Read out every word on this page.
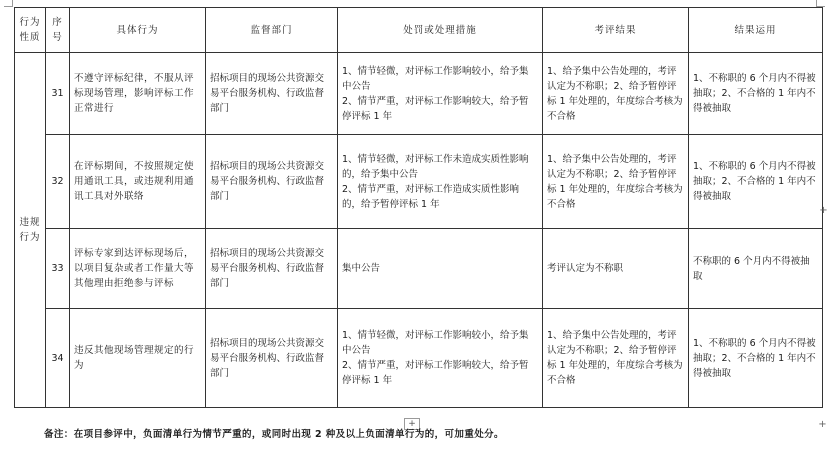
行为性质	序号	具体行为	监督部门	处罚或处理措施	考评结果	结果运用
违规行为	31	不遵守评标纪律，不服从评标现场管理，影响评标工作正常进行	招标项目的现场公共资源交易平台服务机构、行政监督部门	1、情节轻微，对评标工作影响较小，给予集中公告
2、情节严重，对评标工作影响较大，给予暂停评标 1 年	1、给予集中公告处理的，考评认定为不称职；2、给予暂停评标 1 年处理的，年度综合考核为不合格	1、不称职的 6 个月内不得被抽取；2、不合格的 1 年内不得被抽取
	32	在评标期间，不按照规定使用通讯工具，或违规利用通讯工具对外联络	招标项目的现场公共资源交易平台服务机构、行政监督部门	1、情节轻微，对评标工作未造成实质性影响的，给予集中公告
2、情节严重，对评标工作造成实质性影响的，给予暂停评标 1 年	1、给予集中公告处理的，考评认定为不称职；2、给予暂停评标 1 年处理的，年度综合考核为不合格	1、不称职的 6 个月内不得被抽取；2、不合格的 1 年内不得被抽取
	33	评标专家到达评标现场后，以项目复杂或者工作量大等其他理由拒绝参与评标	招标项目的现场公共资源交易平台服务机构、行政监督部门	集中公告	考评认定为不称职	不称职的 6 个月内不得被抽取
	34	违反其他现场管理规定的行为	招标项目的现场公共资源交易平台服务机构、行政监督部门	1、情节轻微，对评标工作影响较小，给予集中公告
2、情节严重，对评标工作影响较大，给予暂停评标 1 年	1、给予集中公告处理的，考评认定为不称职；2、给予暂停评标 1 年处理的，年度综合考核为不合格	1、不称职的 6 个月内不得被抽取；2、不合格的 1 年内不得被抽取
+
+
+
备注：在项目参评中，负面清单行为情节严重的，或同时出现 2 种及以上负面清单行为的，可加重处分。
